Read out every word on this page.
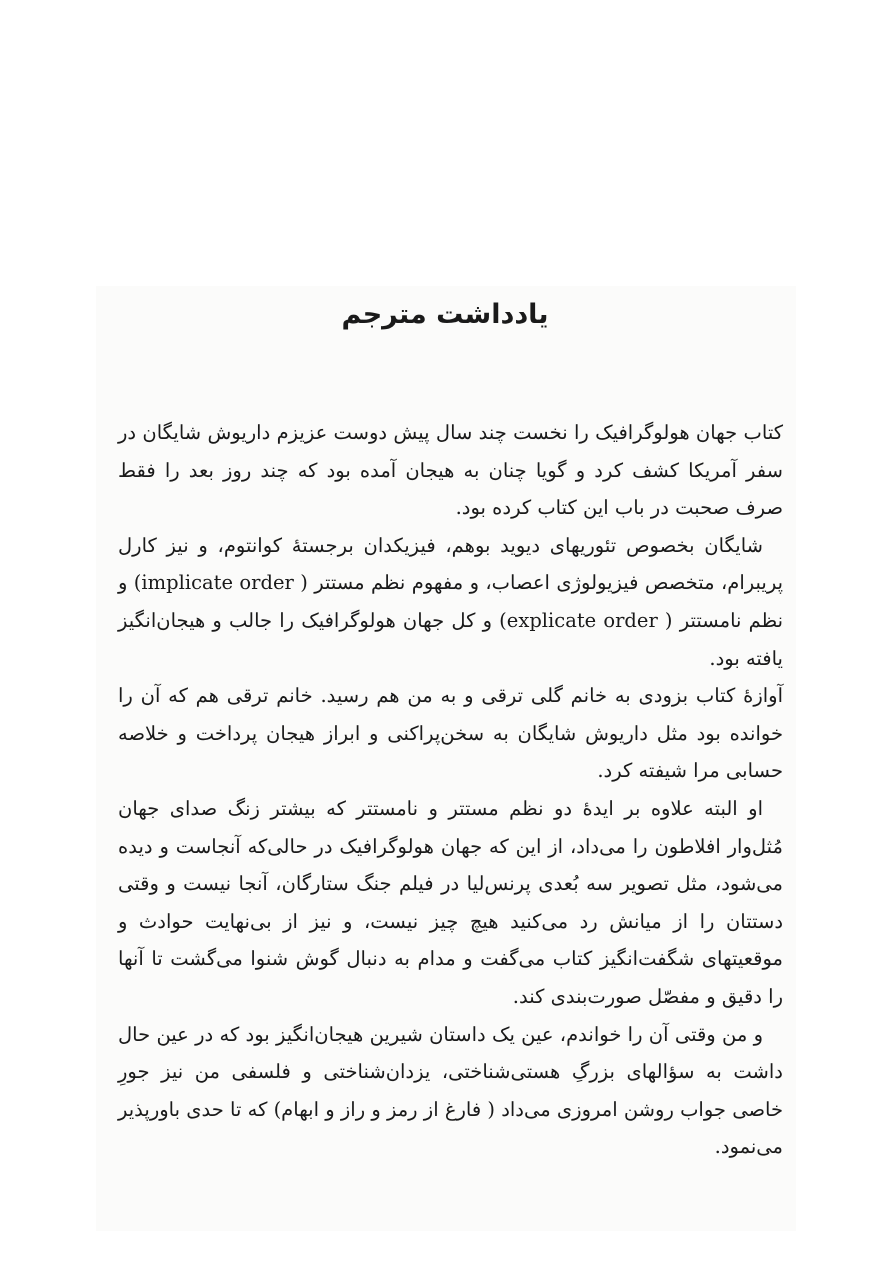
یادداشت مترجم

کتاب جهان هولوگرافیک را نخست چند سال پیش دوست عزیزم داریوش شایگان در سفر آمریکا کشف کرد و گویا چنان به هیجان آمده بود که چند روز بعد را فقط صرف صحبت در باب این کتاب کرده بود.

شایگان بخصوص تئوریهای دیوید بوهم، فیزیکدان برجستهٔ کوانتوم، و نیز کارل پریبرام، متخصص فیزیولوژی اعصاب، و مفهوم نظم مستتر ( implicate order) و نظم نامستتر ( explicate order) و کل جهان هولوگرافیک را جالب و هیجان‌انگیز یافته بود.

آوازهٔ کتاب بزودی به خانم گلی ترقی و به من هم رسید. خانم ترقی هم که آن را خوانده بود مثل داریوش شایگان به سخن‌پراکنی و ابراز هیجان پرداخت و خلاصه حسابی مرا شیفته کرد.

او البته علاوه بر ایدهٔ دو نظم مستتر و نامستتر که بیشتر زنگ صدای جهان مُثل‌وار افلاطون را می‌داد، از این که جهان هولوگرافیک در حالی‌که آنجاست و دیده می‌شود، مثل تصویر سه بُعدی پرنس‌لیا در فیلم جنگ ستارگان، آنجا نیست و وقتی دستتان را از میانش رد می‌کنید هیچ چیز نیست، و نیز از بی‌نهایت حوادث و موقعیتهای شگفت‌انگیز کتاب می‌گفت و مدام به دنبال گوش شنوا می‌گشت تا آنها را دقیق و مفصّل صورت‌بندی کند.

و من وقتی آن را خواندم، عین یک داستان شیرین هیجان‌انگیز بود که در عین حال داشت به سؤالهای بزرگِ هستی‌شناختی، یزدان‌شناختی و فلسفی من نیز جورِ خاصی جواب روشن امروزی می‌داد ( فارغ از رمز و راز و ابهام) که تا حدی باورپذیر می‌نمود.
